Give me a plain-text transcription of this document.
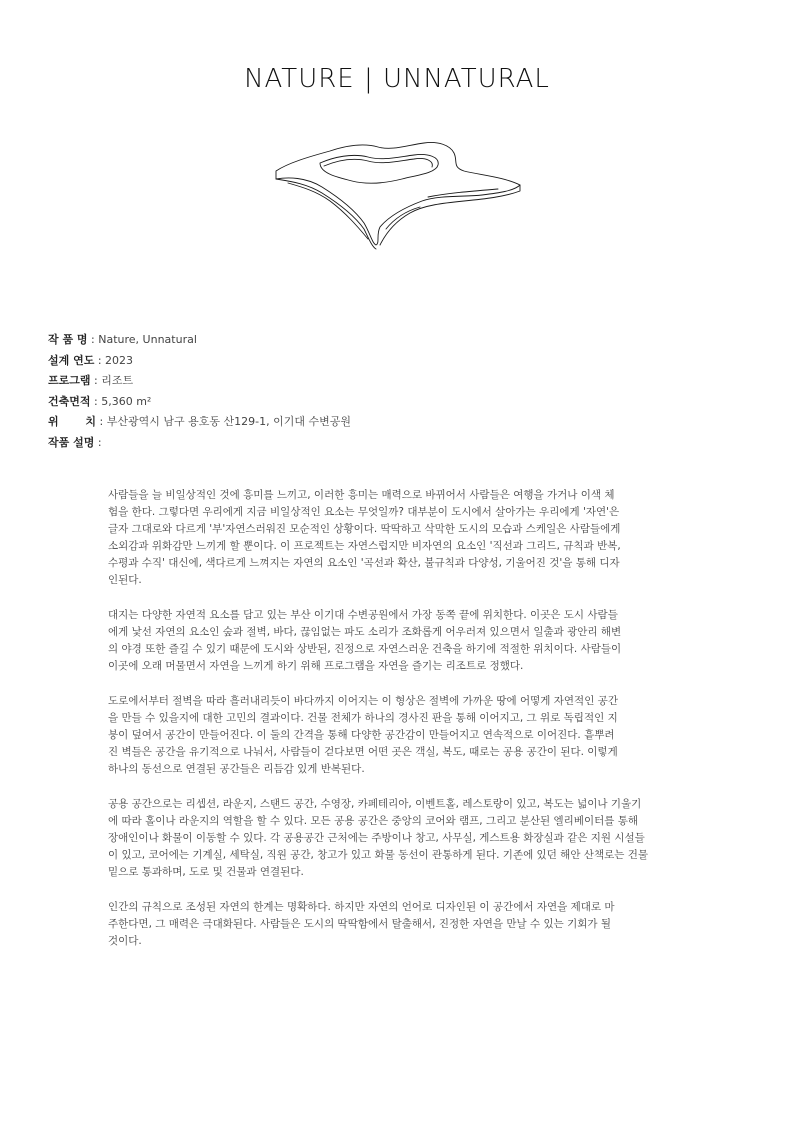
NATURE | UNNATURAL
작 품 명 : Nature, Unnatural
설계 연도 : 2023
프로그램 : 리조트
건축면적 : 5,360 m²
위       치 : 부산광역시 남구 용호동 산129-1, 이기대 수변공원
작품 설명 :

사람들을 늘 비일상적인 것에 흥미를 느끼고, 이러한 흥미는 매력으로 바뀌어서 사람들은 여행을 가거나 이색 체
험을 한다. 그렇다면 우리에게 지금 비일상적인 요소는 무엇일까? 대부분이 도시에서 살아가는 우리에게 '자연'은
글자 그대로와 다르게 '부'자연스러워진 모순적인 상황이다. 딱딱하고 삭막한 도시의 모습과 스케일은 사람들에게
소외감과 위화감만 느끼게 할 뿐이다. 이 프로젝트는 자연스럽지만 비자연의 요소인 '직선과 그리드, 규칙과 반복,
수평과 수직' 대신에, 색다르게 느껴지는 자연의 요소인 '곡선과 확산, 불규칙과 다양성, 기울어진 것'을 통해 디자
인된다.

대지는 다양한 자연적 요소를 담고 있는 부산 이기대 수변공원에서 가장 동쪽 끝에 위치한다. 이곳은 도시 사람들
에게 낯선 자연의 요소인 숲과 절벽, 바다, 끊임없는 파도 소리가 조화롭게 어우러져 있으면서 일출과 광안리 해변
의 야경 또한 즐길 수 있기 때문에 도시와 상반된, 진정으로 자연스러운 건축을 하기에 적절한 위치이다. 사람들이
이곳에 오래 머물면서 자연을 느끼게 하기 위해 프로그램을 자연을 즐기는 리조트로 정했다.

도로에서부터 절벽을 따라 흘러내리듯이 바다까지 이어지는 이 형상은 절벽에 가까운 땅에 어떻게 자연적인 공간
을 만들 수 있을지에 대한 고민의 결과이다. 건물 전체가 하나의 경사진 판을 통해 이어지고, 그 위로 독립적인 지
붕이 덮여서 공간이 만들어진다. 이 둘의 간격을 통해 다양한 공간감이 만들어지고 연속적으로 이어진다. 흩뿌려
진 벽들은 공간을 유기적으로 나눠서, 사람들이 걷다보면 어떤 곳은 객실, 복도, 때로는 공용 공간이 된다. 이렇게
하나의 동선으로 연결된 공간들은 리듬감 있게 반복된다.

공용 공간으로는 리셉션, 라운지, 스탠드 공간, 수영장, 카페테리아, 이벤트홀, 레스토랑이 있고, 복도는 넓이나 기울기
에 따라 홀이나 라운지의 역할을 할 수 있다. 모든 공용 공간은 중앙의 코어와 램프, 그리고 분산된 엘리베이터를 통해
장애인이나 화물이 이동할 수 있다. 각 공용공간 근처에는 주방이나 창고, 사무실, 게스트용 화장실과 같은 지원 시설들
이 있고, 코어에는 기계실, 세탁실, 직원 공간, 창고가 있고 화물 동선이 관통하게 된다. 기존에 있던 해안 산책로는 건물
밑으로 통과하며, 도로 및 건물과 연결된다.

인간의 규칙으로 조성된 자연의 한계는 명확하다. 하지만 자연의 언어로 디자인된 이 공간에서 자연을 제대로 마
주한다면, 그 매력은 극대화된다. 사람들은 도시의 딱딱함에서 탈출해서, 진정한 자연을 만날 수 있는 기회가 될
것이다.
